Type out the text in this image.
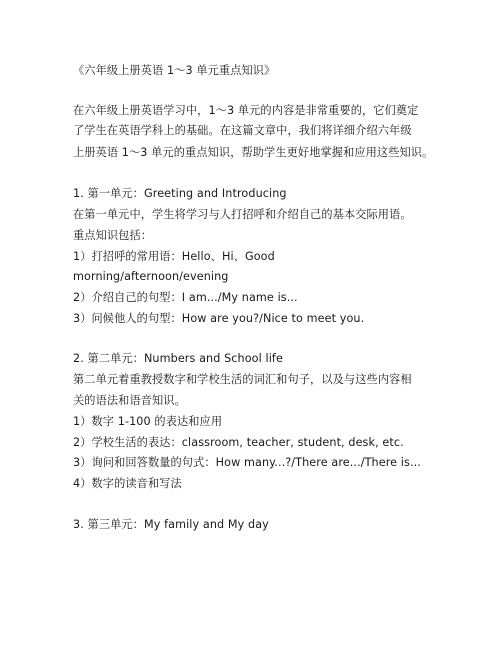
《六年级上册英语 1～3 单元重点知识》
在六年级上册英语学习中，1～3 单元的内容是非常重要的，它们奠定
了学生在英语学科上的基础。在这篇文章中，我们将详细介绍六年级
上册英语 1～3 单元的重点知识，帮助学生更好地掌握和应用这些知识。
1. 第一单元：Greeting and Introducing
在第一单元中，学生将学习与人打招呼和介绍自己的基本交际用语。
重点知识包括：
1）打招呼的常用语：Hello、Hi、Good
morning/afternoon/evening
2）介绍自己的句型：I am.../My name is...
3）问候他人的句型：How are you?/Nice to meet you.
2. 第二单元：Numbers and School life
第二单元着重教授数字和学校生活的词汇和句子，以及与这些内容相
关的语法和语音知识。
1）数字 1-100 的表达和应用
2）学校生活的表达：classroom, teacher, student, desk, etc.
3）询问和回答数量的句式：How many...?/There are.../There is...
4）数字的读音和写法
3. 第三单元：My family and My day
